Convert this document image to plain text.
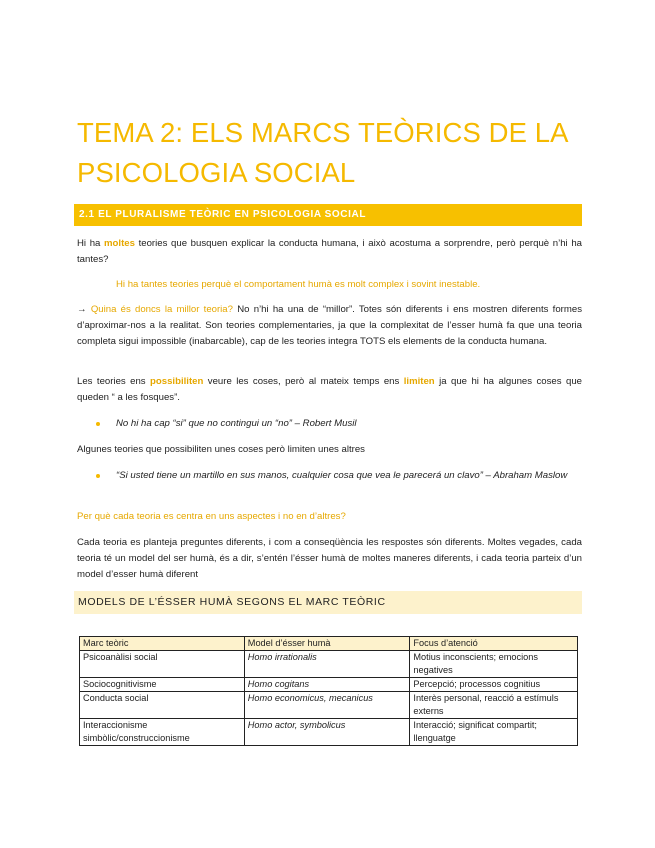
TEMA 2: ELS MARCS TEÒRICS DE LA
PSICOLOGIA SOCIAL
2.1 EL PLURALISME TEÒRIC EN PSICOLOGIA SOCIAL
Hi ha moltes teories que busquen explicar la conducta humana, i això acostuma a sorprendre, però perquè n’hi ha tantes?
Hi ha tantes teories perquè el comportament humà es molt complex i sovint inestable.
→ Quina és doncs la millor teoria? No n’hi ha una de “millor”. Totes són diferents i ens mostren diferents formes d’aproximar-nos a la realitat. Son teories complementaries, ja que la complexitat de l’esser humà fa que una teoria completa sigui impossible (inabarcable), cap de les teories integra TOTS els elements de la conducta humana.
Les teories ens possibiliten veure les coses, però al mateix temps ens limiten ja que hi ha algunes coses que queden “ a les fosques”.
No hi ha cap “si” que no contingui un “no” – Robert Musil
Algunes teories que possibiliten unes coses però limiten unes altres
“Si usted tiene un martillo en sus manos, cualquier cosa que vea le parecerá un clavo” – Abraham Maslow
Per què cada teoria es centra en uns aspectes i no en d’altres?
Cada teoria es planteja preguntes diferents, i com a conseqüència les respostes són diferents. Moltes vegades, cada teoria té un model del ser humà, és a dir, s’entén l’ésser humà de moltes maneres diferents, i cada teoria parteix d’un model d’esser humà diferent
MODELS DE L’ÉSSER HUMÀ SEGONS EL MARC TEÒRIC
Marc teòric	Model d’ésser humà	Focus d’atenció
Psicoanàlisi social	Homo irrationalis	Motius inconscients; emocions negatives
Sociocognitivisme	Homo cogitans	Percepció; processos cognitius
Conducta social	Homo economicus, mecanicus	Interès personal, reacció a estímuls externs
Interaccionisme simbòlic/construccionisme	Homo actor, symbolicus	Interacció; significat compartit; llenguatge
